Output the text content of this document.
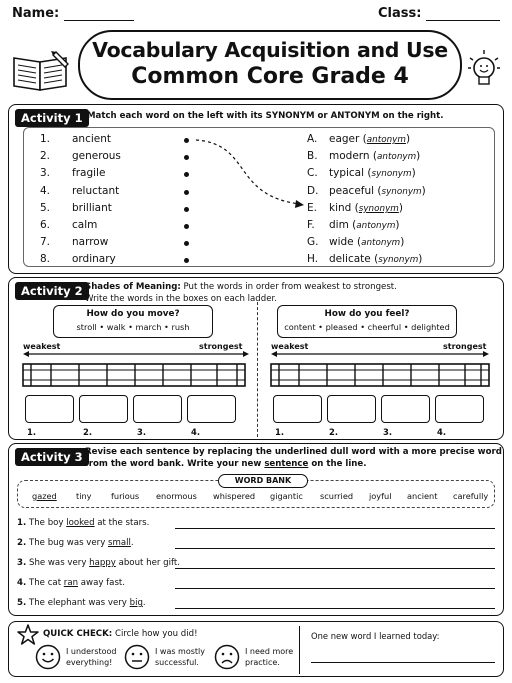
Name:	Class:
Vocabulary Acquisition and Use
Common Core Grade 4
Activity 1 Match each word on the left with its SYNONYM or ANTONYM on the right.
1. ancient	A. eager (antonym)
2. generous	B. modern (antonym)
3. fragile	C. typical (synonym)
4. reluctant	D. peaceful (synonym)
5. brilliant	E. kind (synonym)
6. calm	F. dim (antonym)
7. narrow	G. wide (antonym)
8. ordinary	H. delicate (synonym)
Activity 2 Shades of Meaning: Put the words in order from weakest to strongest.
Write the words in the boxes on each ladder.
How do you move?
stroll • walk • march • rush
How do you feel?
content • pleased • cheerful • delighted
weakest	strongest	weakest	strongest
1.	2.	3.	4.	1.	2.	3.	4.
Activity 3 Revise each sentence by replacing the underlined dull word with a more precise word
from the word bank. Write your new sentence on the line.
WORD BANK
gazed tiny furious enormous whispered gigantic scurried joyful ancient carefully
1. The boy looked at the stars.
2. The bug was very small.
3. She was very happy about her gift.
4. The cat ran away fast.
5. The elephant was very big.
QUICK CHECK: Circle how you did!
I understood
everything!
I was mostly
successful.
I need more
practice.
One new word I learned today:
